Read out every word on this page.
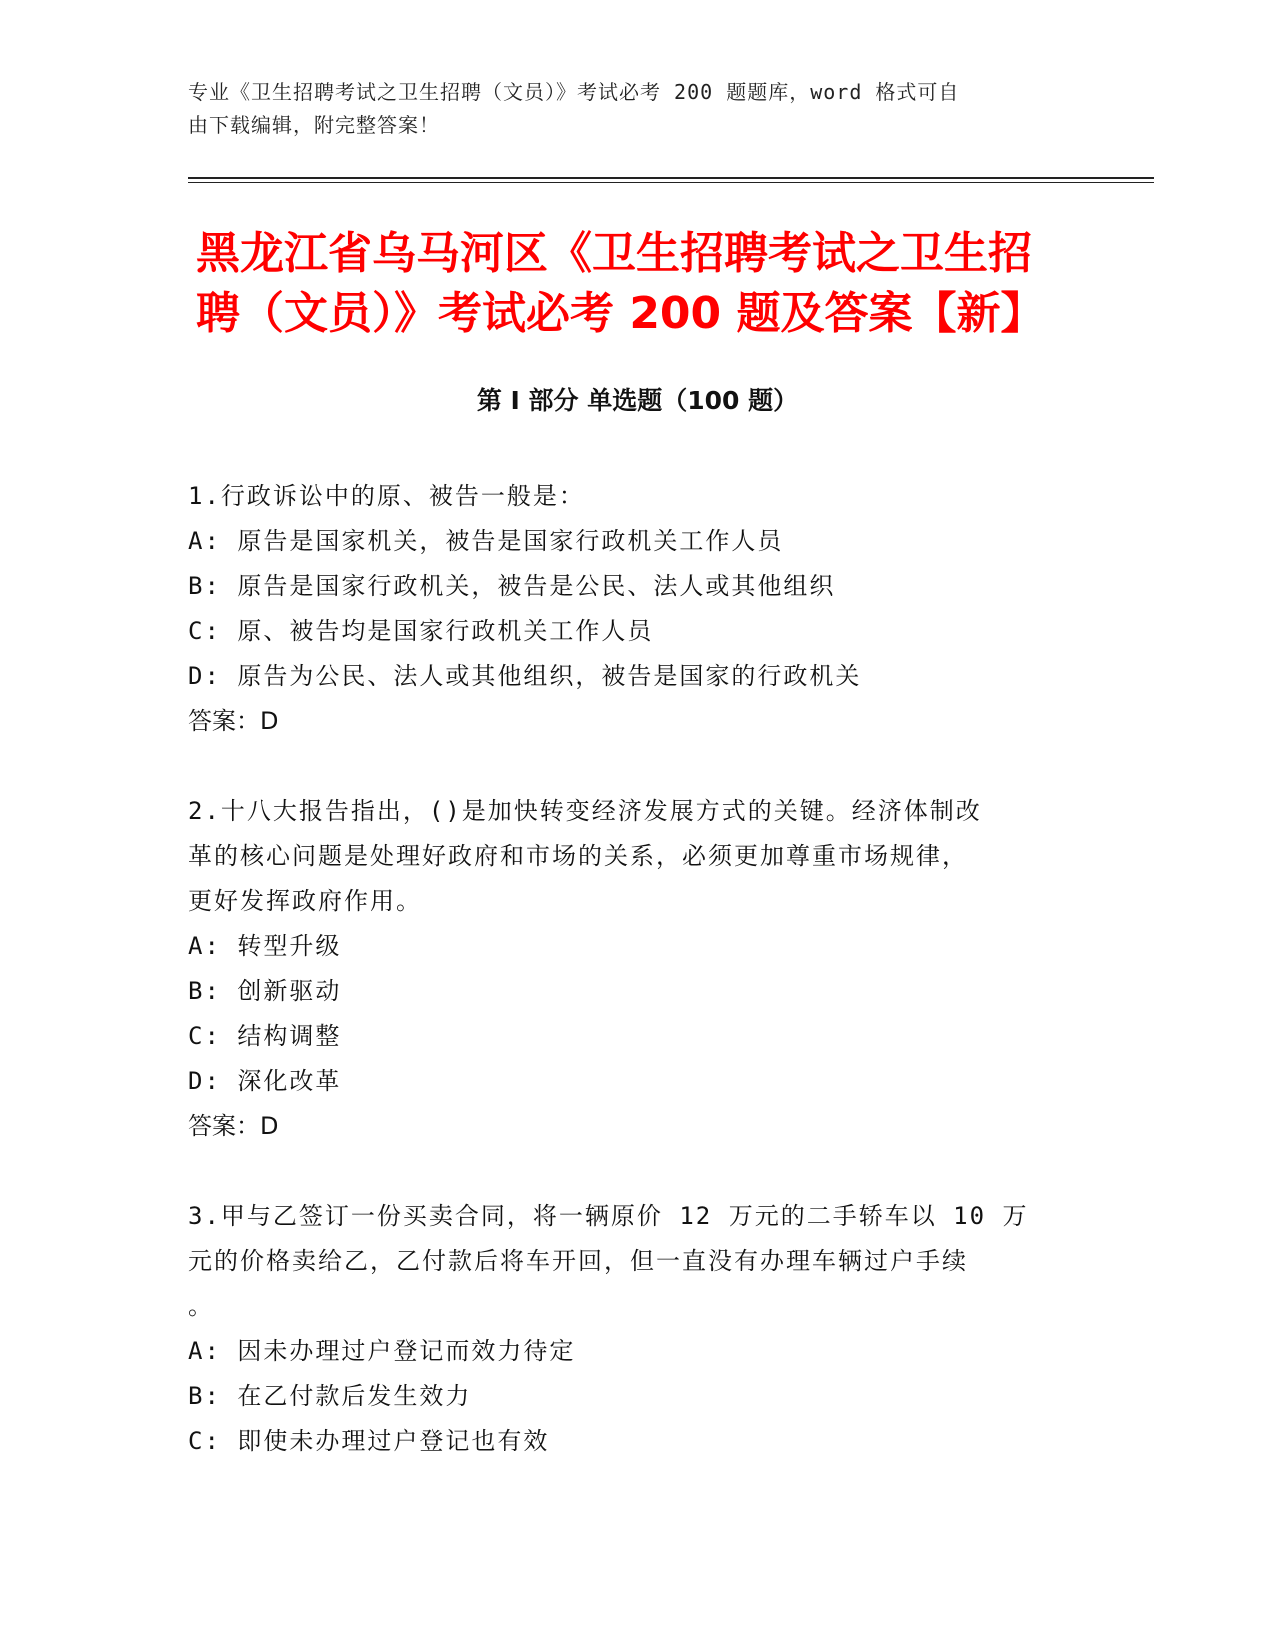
专业《卫生招聘考试之卫生招聘（文员）》考试必考 200 题题库，word 格式可自
由下载编辑，附完整答案！
黑龙江省乌马河区《卫生招聘考试之卫生招
聘（文员）》考试必考 200 题及答案【新】
第 I 部分 单选题（100 题）

1.行政诉讼中的原、被告一般是：

A: 原告是国家机关，被告是国家行政机关工作人员

B: 原告是国家行政机关，被告是公民、法人或其他组织

C: 原、被告均是国家行政机关工作人员

D: 原告为公民、法人或其他组织，被告是国家的行政机关

答案：D

2.十八大报告指出，()是加快转变经济发展方式的关键。经济体制改

革的核心问题是处理好政府和市场的关系，必须更加尊重市场规律，

更好发挥政府作用。

A: 转型升级

B: 创新驱动

C: 结构调整

D: 深化改革

答案：D

3.甲与乙签订一份买卖合同，将一辆原价 12 万元的二手轿车以 10 万

元的价格卖给乙，乙付款后将车开回，但一直没有办理车辆过户手续

。

A: 因未办理过户登记而效力待定

B: 在乙付款后发生效力

C: 即使未办理过户登记也有效
